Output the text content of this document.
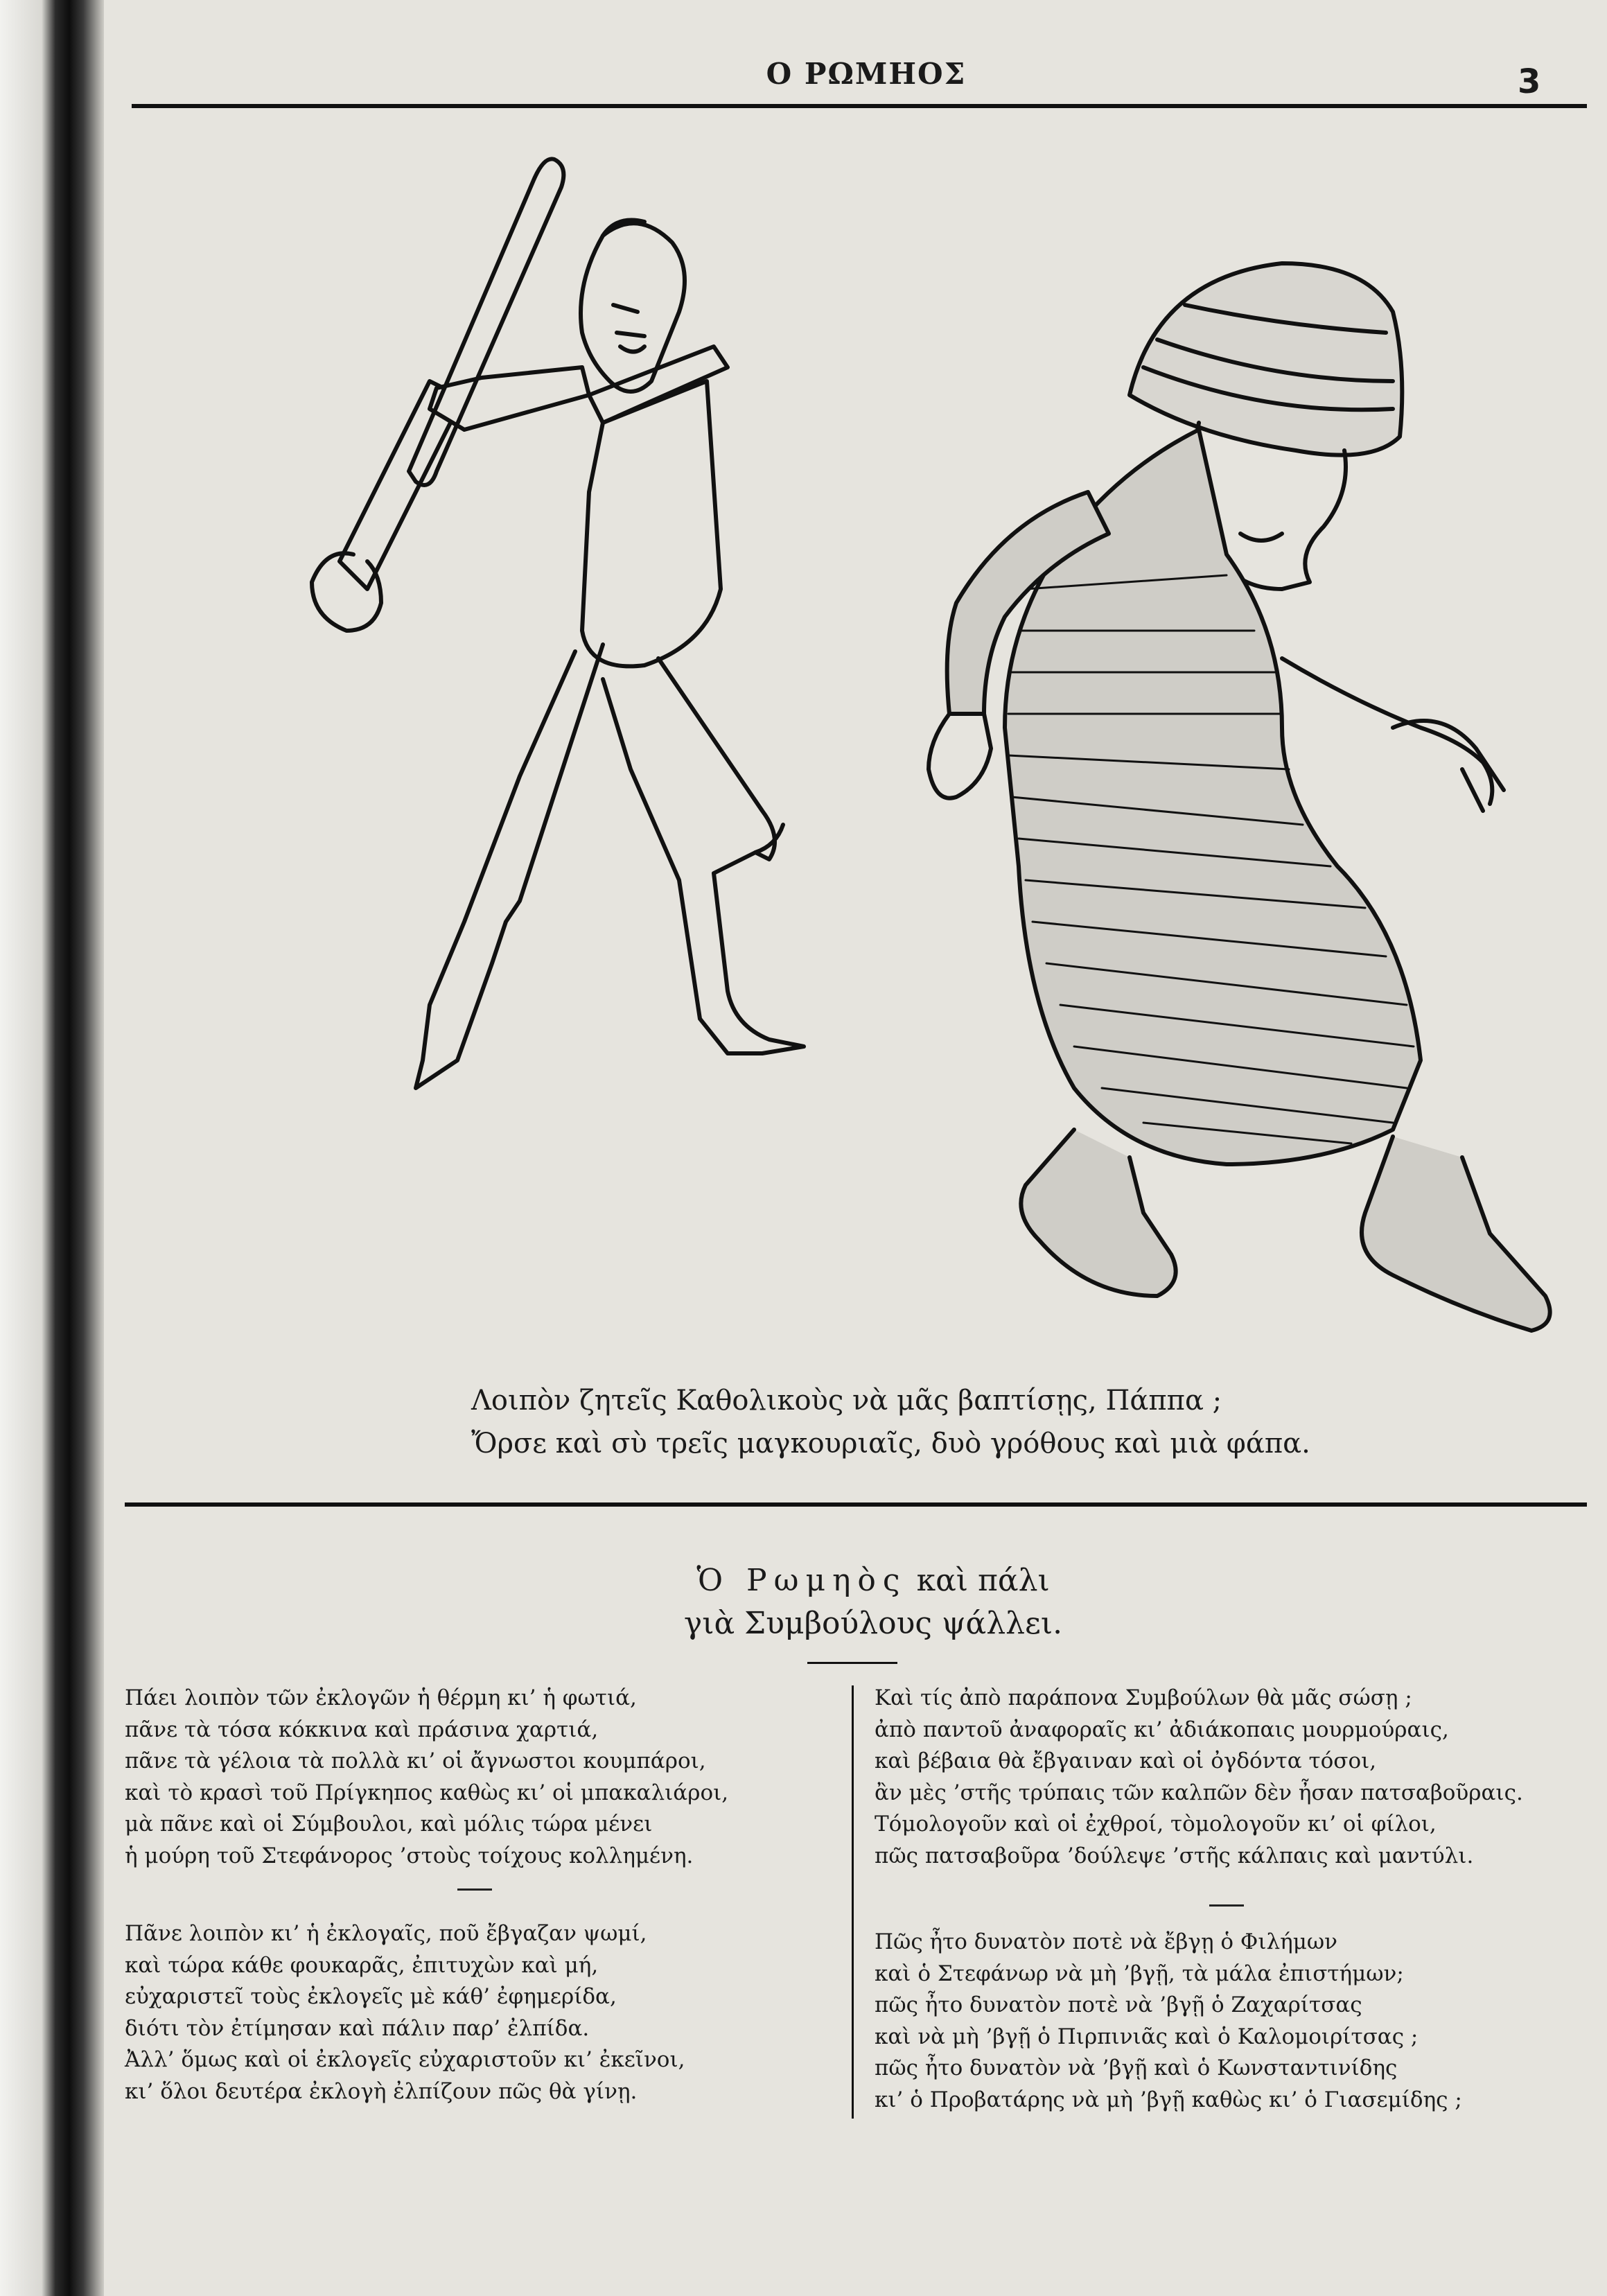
Ο ΡΩΜΗΟΣ	3
Λοιπὸν ζητεῖς Καθολικοὺς νὰ μᾶς βαπτίσῃς, Πάππα ;
Ὄρσε καὶ σὺ τρεῖς μαγκουριαῖς, δυὸ γρόθους καὶ μιὰ φάπα.
Ὁ Ρωμηὸς καὶ πάλι
γιὰ Συμβούλους ψάλλει.
Πάει λοιπὸν τῶν ἐκλογῶν ἡ θέρμη κι’ ἡ φωτιά,
πᾶνε τὰ τόσα κόκκινα καὶ πράσινα χαρτιά,
πᾶνε τὰ γέλοια τὰ πολλὰ κι’ οἱ ἄγνωστοι κουμπάροι,
καὶ τὸ κρασὶ τοῦ Πρίγκηπος καθὼς κι’ οἱ μπακαλιάροι,
μὰ πᾶνε καὶ οἱ Σύμβουλοι, καὶ μόλις τώρα μένει
ἡ μούρη τοῦ Στεφάνορος ’στοὺς τοίχους κολλημένη.
Πᾶνε λοιπὸν κι’ ἡ ἐκλογαῖς, ποῦ ἔβγαζαν ψωμί,
καὶ τώρα κάθε φουκαρᾶς, ἐπιτυχὼν καὶ μή,
εὐχαριστεῖ τοὺς ἐκλογεῖς μὲ κάθ’ ἐφημερίδα,
διότι τὸν ἐτίμησαν καὶ πάλιν παρ’ ἐλπίδα.
Ἀλλ’ ὅμως καὶ οἱ ἐκλογεῖς εὐχαριστοῦν κι’ ἐκεῖνοι,
κι’ ὅλοι δευτέρα ἐκλογὴ ἐλπίζουν πῶς θὰ γίνῃ.
Καὶ τίς ἀπὸ παράπονα Συμβούλων θὰ μᾶς σώσῃ ;
ἀπὸ παντοῦ ἀναφοραῖς κι’ ἀδιάκοπαις μουρμούραις,
καὶ βέβαια θὰ ἔβγαιναν καὶ οἱ ὀγδόντα τόσοι,
ἂν μὲς ’στῆς τρύπαις τῶν καλπῶν δὲν ἦσαν πατσαβοῦραις.
Τόμολογοῦν καὶ οἱ ἐχθροί, τὸμολογοῦν κι’ οἱ φίλοι,
πῶς πατσαβοῦρα ’δούλεψε ’στῆς κάλπαις καὶ μαντύλι.
Πῶς ἦτο δυνατὸν ποτὲ νὰ ἔβγῃ ὁ Φιλήμων
καὶ ὁ Στεφάνωρ νὰ μὴ ’βγῇ, τὰ μάλα ἐπιστήμων;
πῶς ἦτο δυνατὸν ποτὲ νὰ ’βγῇ ὁ Ζαχαρίτσας
καὶ νὰ μὴ ’βγῇ ὁ Πιρπινιᾶς καὶ ὁ Καλομοιρίτσας ;
πῶς ἦτο δυνατὸν νὰ ’βγῇ καὶ ὁ Κωνσταντινίδης
κι’ ὁ Προβατάρης νὰ μὴ ’βγῇ καθὼς κι’ ὁ Γιασεμίδης ;
